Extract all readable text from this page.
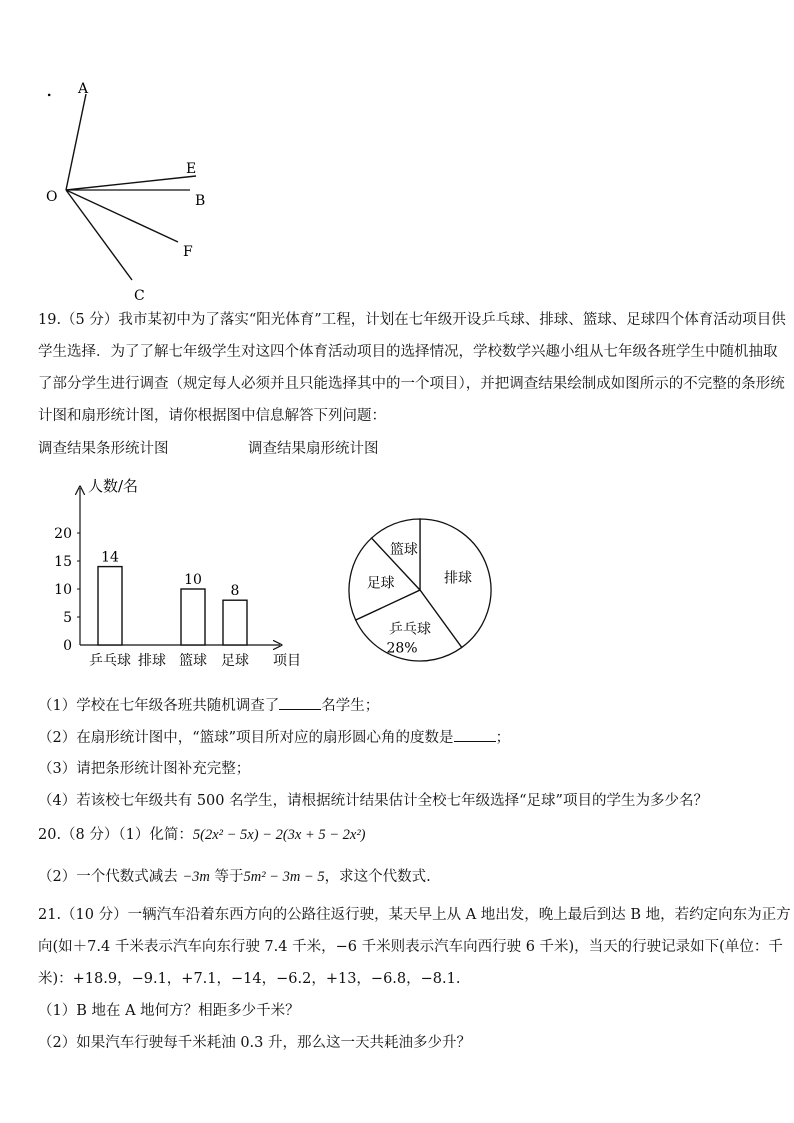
. A
E
B
O
F
C
19.（5 分）我市某初中为了落实“阳光体育”工程，计划在七年级开设乒乓球、排球、篮球、足球四个体育活动项目供
学生选择．为了了解七年级学生对这四个体育活动项目的选择情况，学校数学兴趣小组从七年级各班学生中随机抽取
了部分学生进行调查（规定每人必须并且只能选择其中的一个项目），并把调查结果绘制成如图所示的不完整的条形统
计图和扇形统计图，请你根据图中信息解答下列问题：
调查结果条形统计图	调查结果扇形统计图
人数/名
项目
0
5
10
15
20
14
10
8
乒乓球 排球 篮球 足球
排球
乒乓球
28%
足球
篮球
（1）学校在七年级各班共随机调查了	名学生；
（2）在扇形统计图中，“篮球”项目所对应的扇形圆心角的度数是	；
（3）请把条形统计图补充完整；
（4）若该校七年级共有 500 名学生，请根据统计结果估计全校七年级选择“足球”项目的学生为多少名？
20.（8 分）（1）化简：5(2x² − 5x) − 2(3x + 5 − 2x²)
（2）一个代数式减去 −3m 等于5m² − 3m − 5，求这个代数式.
21.（10 分）一辆汽车沿着东西方向的公路往返行驶，某天早上从 A 地出发，晚上最后到达 B 地，若约定向东为正方
向(如＋7.4 千米表示汽车向东行驶 7.4 千米，−6 千米则表示汽车向西行驶 6 千米)，当天的行驶记录如下(单位：千
米)：+18.9，−9.1，+7.1，−14，−6.2，+13，−6.8，−8.1.
（1）B 地在 A 地何方？相距多少千米？
（2）如果汽车行驶每千米耗油 0.3 升，那么这一天共耗油多少升？
